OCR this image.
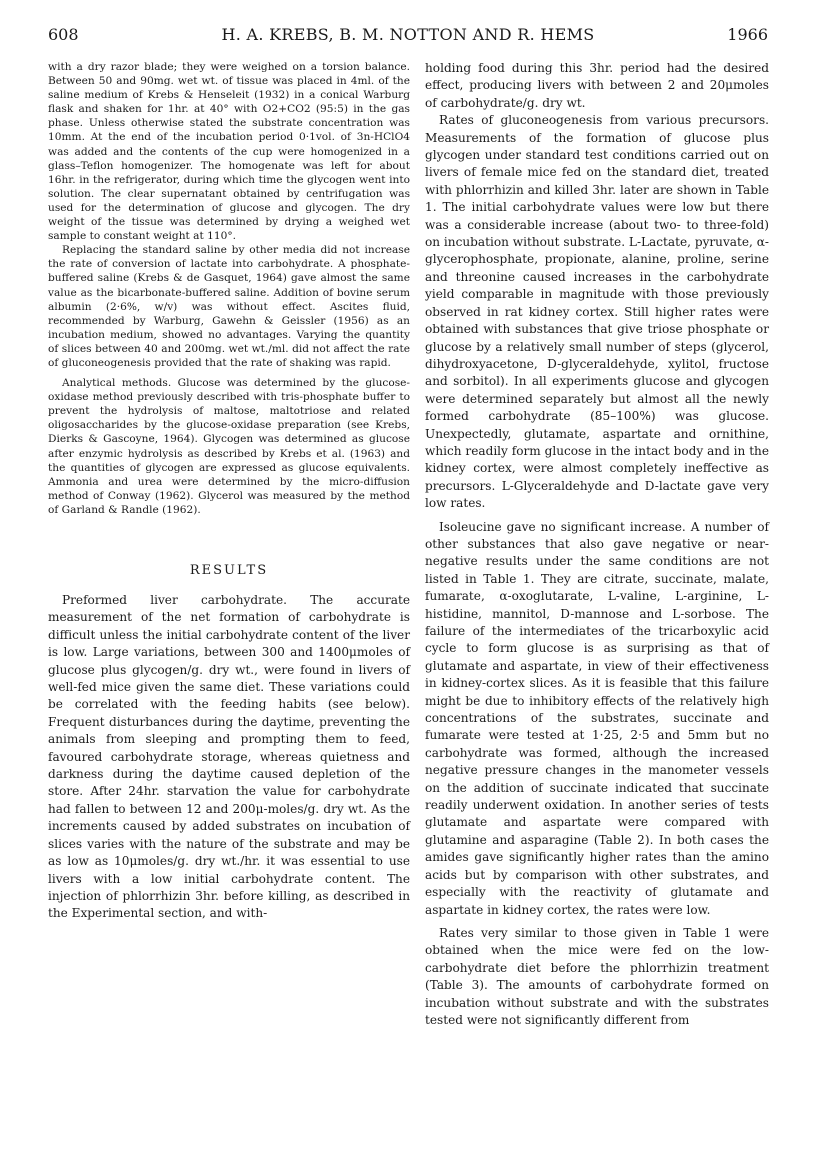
608	H. A. KREBS, B. M. NOTTON AND R. HEMS	1966

with a dry razor blade; they were weighed on a torsion balance. Between 50 and 90mg. wet wt. of tissue was placed in 4ml. of the saline medium of Krebs & Henseleit (1932) in a conical Warburg flask and shaken for 1hr. at 40° with O2+CO2 (95:5) in the gas phase. Unless otherwise stated the substrate concentration was 10mm. At the end of the incubation period 0·1vol. of 3n-HClO4 was added and the contents of the cup were homogenized in a glass–Teflon homogenizer. The homogenate was left for about 16hr. in the refrigerator, during which time the glycogen went into solution. The clear supernatant obtained by centrifugation was used for the determination of glucose and glycogen. The dry weight of the tissue was determined by drying a weighed wet sample to constant weight at 110°.

Replacing the standard saline by other media did not increase the rate of conversion of lactate into carbohydrate. A phosphate-buffered saline (Krebs & de Gasquet, 1964) gave almost the same value as the bicarbonate-buffered saline. Addition of bovine serum albumin (2·6%, w/v) was without effect. Ascites fluid, recommended by Warburg, Gawehn & Geissler (1956) as an incubation medium, showed no advantages. Varying the quantity of slices between 40 and 200mg. wet wt./ml. did not affect the rate of gluconeogenesis provided that the rate of shaking was rapid.

Analytical methods. Glucose was determined by the glucose-oxidase method previously described with tris-phosphate buffer to prevent the hydrolysis of maltose, maltotriose and related oligosaccharides by the glucose-oxidase preparation (see Krebs, Dierks & Gascoyne, 1964). Glycogen was determined as glucose after enzymic hydrolysis as described by Krebs et al. (1963) and the quantities of glycogen are expressed as glucose equivalents. Ammonia and urea were determined by the micro-diffusion method of Conway (1962). Glycerol was measured by the method of Garland & Randle (1962).

RESULTS

Preformed liver carbohydrate. The accurate measurement of the net formation of carbohydrate is difficult unless the initial carbohydrate content of the liver is low. Large variations, between 300 and 1400μmoles of glucose plus glycogen/g. dry wt., were found in livers of well-fed mice given the same diet. These variations could be correlated with the feeding habits (see below). Frequent disturbances during the daytime, preventing the animals from sleeping and prompting them to feed, favoured carbohydrate storage, whereas quietness and darkness during the daytime caused depletion of the store. After 24hr. starvation the value for carbohydrate had fallen to between 12 and 200μ-moles/g. dry wt. As the increments caused by added substrates on incubation of slices varies with the nature of the substrate and may be as low as 10μmoles/g. dry wt./hr. it was essential to use livers with a low initial carbohydrate content. The injection of phlorrhizin 3hr. before killing, as described in the Experimental section, and with-

holding food during this 3hr. period had the desired effect, producing livers with between 2 and 20μmoles of carbohydrate/g. dry wt.

Rates of gluconeogenesis from various precursors. Measurements of the formation of glucose plus glycogen under standard test conditions carried out on livers of female mice fed on the standard diet, treated with phlorrhizin and killed 3hr. later are shown in Table 1. The initial carbohydrate values were low but there was a considerable increase (about two- to three-fold) on incubation without substrate. L-Lactate, pyruvate, α-glycerophosphate, propionate, alanine, proline, serine and threonine caused increases in the carbohydrate yield comparable in magnitude with those previously observed in rat kidney cortex. Still higher rates were obtained with substances that give triose phosphate or glucose by a relatively small number of steps (glycerol, dihydroxyacetone, D-glyceraldehyde, xylitol, fructose and sorbitol). In all experiments glucose and glycogen were determined separately but almost all the newly formed carbohydrate (85–100%) was glucose. Unexpectedly, glutamate, aspartate and ornithine, which readily form glucose in the intact body and in the kidney cortex, were almost completely ineffective as precursors. L-Glyceraldehyde and D-lactate gave very low rates.

Isoleucine gave no significant increase. A number of other substances that also gave negative or near-negative results under the same conditions are not listed in Table 1. They are citrate, succinate, malate, fumarate, α-oxoglutarate, L-valine, L-arginine, L-histidine, mannitol, D-mannose and L-sorbose. The failure of the intermediates of the tricarboxylic acid cycle to form glucose is as surprising as that of glutamate and aspartate, in view of their effectiveness in kidney-cortex slices. As it is feasible that this failure might be due to inhibitory effects of the relatively high concentrations of the substrates, succinate and fumarate were tested at 1·25, 2·5 and 5mm but no carbohydrate was formed, although the increased negative pressure changes in the manometer vessels on the addition of succinate indicated that succinate readily underwent oxidation. In another series of tests glutamate and aspartate were compared with glutamine and asparagine (Table 2). In both cases the amides gave significantly higher rates than the amino acids but by comparison with other substrates, and especially with the reactivity of glutamate and aspartate in kidney cortex, the rates were low.

Rates very similar to those given in Table 1 were obtained when the mice were fed on the low-carbohydrate diet before the phlorrhizin treatment (Table 3). The amounts of carbohydrate formed on incubation without substrate and with the substrates tested were not significantly different from
